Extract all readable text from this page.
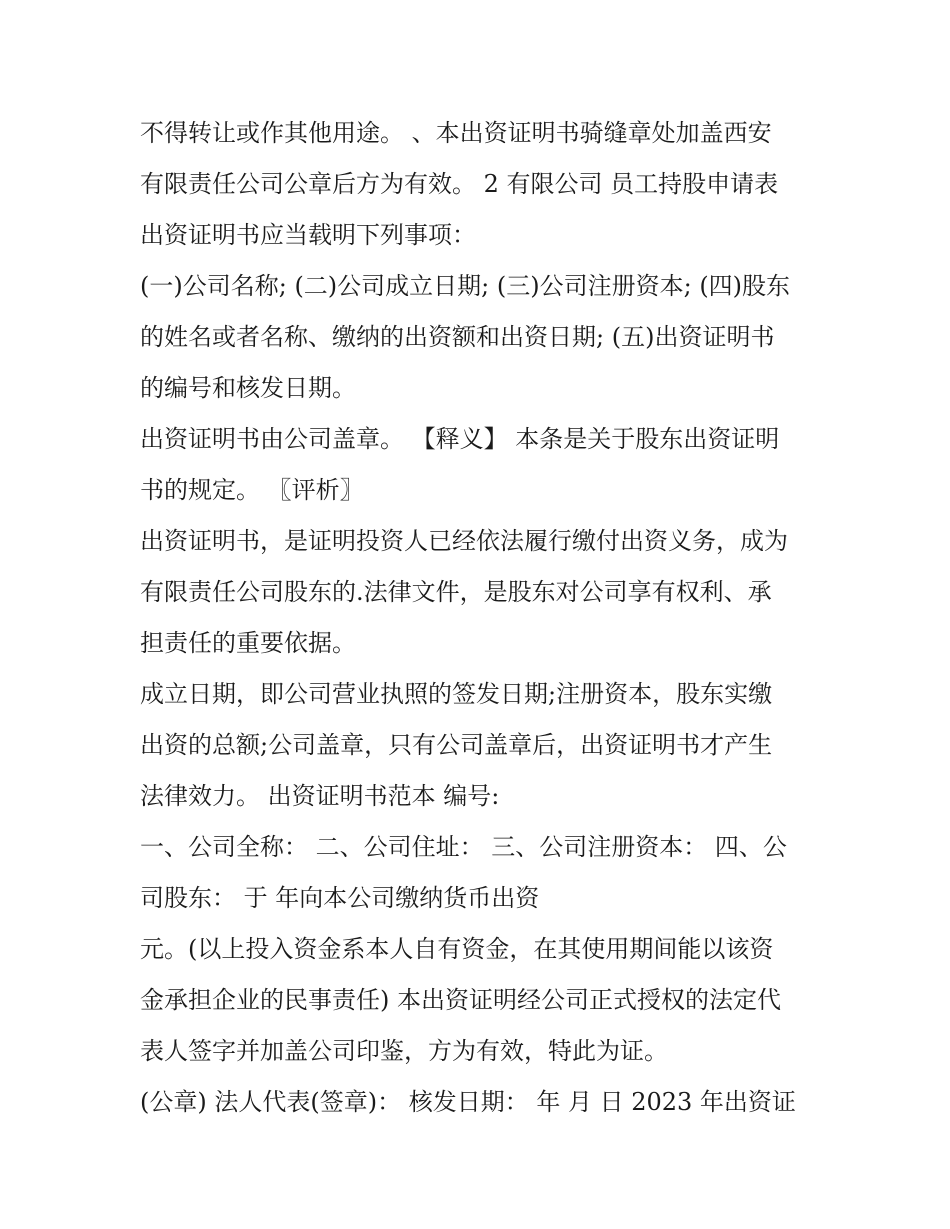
不得转让或作其他用途。 、本出资证明书骑缝章处加盖西安
有限责任公司公章后方为有效。 2 有限公司 员工持股申请表
出资证明书应当载明下列事项：
(一)公司名称; (二)公司成立日期; (三)公司注册资本; (四)股东
的姓名或者名称、缴纳的出资额和出资日期; (五)出资证明书
的编号和核发日期。
出资证明书由公司盖章。 【释义】 本条是关于股东出资证明
书的规定。 〖评析〗
出资证明书，是证明投资人已经依法履行缴付出资义务，成为
有限责任公司股东的.法律文件，是股东对公司享有权利、承
担责任的重要依据。
成立日期，即公司营业执照的签发日期;注册资本，股东实缴
出资的总额;公司盖章，只有公司盖章后，出资证明书才产生
法律效力。 出资证明书范本 编号:
一、公司全称： 二、公司住址： 三、公司注册资本： 四、公
司股东： 于 年向本公司缴纳货币出资
元。(以上投入资金系本人自有资金，在其使用期间能以该资
金承担企业的民事责任) 本出资证明经公司正式授权的法定代
表人签字并加盖公司印鉴，方为有效，特此为证。
(公章) 法人代表(签章)： 核发日期： 年 月 日 2023 年出资证
